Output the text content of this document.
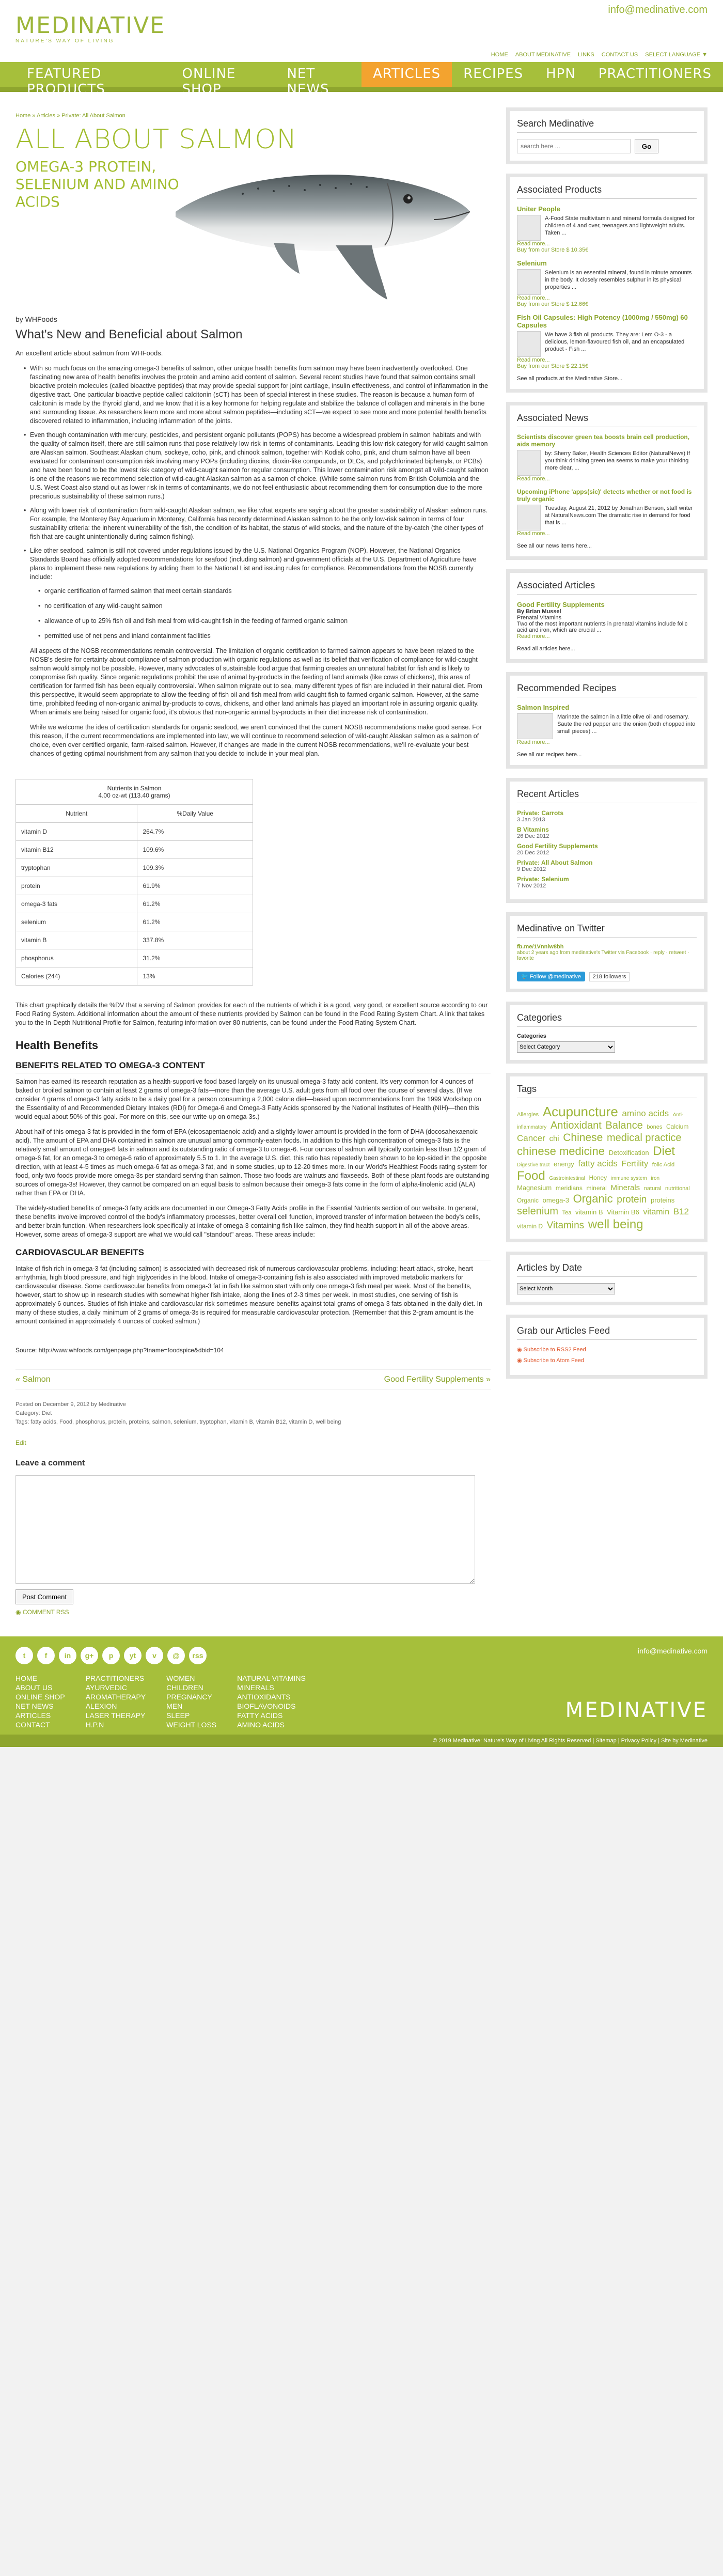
MEDINATIVE
NATURE'S WAY OF LIVING
info@medinative.com
HOME ABOUT MEDINATIVE LINKS CONTACT US SELECT LANGUAGE ▼
FEATURED PRODUCTS
ONLINE SHOP
NET NEWS
ARTICLES	RECIPES	HPN	PRACTITIONERS
Home » Articles » Private: All About Salmon
ALL ABOUT SALMON
OMEGA-3 PROTEIN, SELENIUM AND AMINO ACIDS
by WHFoods
What's New and Beneficial about Salmon

An excellent article about salmon from WHFoods.

• With so much focus on the amazing omega-3 benefits of salmon, other unique health benefits from salmon may have been inadvertently overlooked. One fascinating new area of health benefits involves the protein and amino acid content of salmon. Several recent studies have found that salmon contains small bioactive protein molecules (called bioactive peptides) that may provide special support for joint cartilage, insulin effectiveness, and control of inflammation in the digestive tract. One particular bioactive peptide called calcitonin (sCT) has been of special interest in these studies. The reason is because a human form of calcitonin is made by the thyroid gland, and we know that it is a key hormone for helping regulate and stabilize the balance of collagen and minerals in the bone and surrounding tissue. As researchers learn more and more about salmon peptides—including sCT—we expect to see more and more potential health benefits discovered related to inflammation, including inflammation of the joints.
• Even though contamination with mercury, pesticides, and persistent organic pollutants (POPS) has become a widespread problem in salmon habitats and with the quality of salmon itself, there are still salmon runs that pose relatively low risk in terms of contaminants. Leading this low-risk category for wild-caught salmon are Alaskan salmon. Southeast Alaskan chum, sockeye, coho, pink, and chinook salmon, together with Kodiak coho, pink, and chum salmon have all been evaluated for contaminant consumption risk involving many POPs (including dioxins, dioxin-like compounds, or DLCs, and polychlorinated biphenyls, or PCBs) and have been found to be the lowest risk category of wild-caught salmon for regular consumption. This lower contamination risk amongst all wild-caught salmon is one of the reasons we recommend selection of wild-caught Alaskan salmon as a salmon of choice. (While some salmon runs from British Columbia and the U.S. West Coast also stand out as lower risk in terms of contaminants, we do not feel enthusiastic about recommending them for consumption due to the more precarious sustainability of these salmon runs.)
• Along with lower risk of contamination from wild-caught Alaskan salmon, we like what experts are saying about the greater sustainability of Alaskan salmon runs. For example, the Monterey Bay Aquarium in Monterey, California has recently determined Alaskan salmon to be the only low-risk salmon in terms of four sustainability criteria: the inherent vulnerability of the fish, the condition of its habitat, the status of wild stocks, and the nature of the by-catch (the other types of fish that are caught unintentionally during salmon fishing).
• Like other seafood, salmon is still not covered under regulations issued by the U.S. National Organics Program (NOP). However, the National Organics Standards Board has officially adopted recommendations for seafood (including salmon) and government officials at the U.S. Department of Agriculture have plans to implement these new regulations by adding them to the National List and issuing rules for compliance. Recommendations from the NOSB currently include:
• organic certification of farmed salmon that meet certain standards
• no certification of any wild-caught salmon
• allowance of up to 25% fish oil and fish meal from wild-caught fish in the feeding of farmed organic salmon
• permitted use of net pens and inland containment facilities

All aspects of the NOSB recommendations remain controversial. The limitation of organic certification to farmed salmon appears to have been related to the NOSB's desire for certainty about compliance of salmon production with organic regulations as well as its belief that verification of compliance for wild-caught salmon would simply not be possible. However, many advocates of sustainable food argue that farming creates an unnatural habitat for fish and is likely to compromise fish quality. Since organic regulations prohibit the use of animal by-products in the feeding of land animals (like cows of chickens), this area of certification for farmed fish has been equally controversial. When salmon migrate out to sea, many different types of fish are included in their natural diet. From this perspective, it would seem appropriate to allow the feeding of fish oil and fish meal from wild-caught fish to farmed organic salmon. However, at the same time, prohibited feeding of non-organic animal by-products to cows, chickens, and other land animals has played an important role in assuring organic quality. When animals are being raised for organic food, it's obvious that non-organic animal by-products in their diet increase risk of contamination.

While we welcome the idea of certification standards for organic seafood, we aren't convinced that the current NOSB recommendations make good sense. For this reason, if the current recommendations are implemented into law, we will continue to recommend selection of wild-caught Alaskan salmon as a salmon of choice, even over certified organic, farm-raised salmon. However, if changes are made in the current NOSB recommendations, we'll re-evaluate your best chances of getting optimal nourishment from any salmon that you decide to include in your meal plan.

Nutrients in Salmon
4.00 oz-wt (113.40 grams)	

Nutrient	%Daily Value
vitamin D	264.7%
vitamin B12	109.6%
tryptophan	109.3%
protein	61.9%
omega-3 fats	61.2%
selenium	61.2%
vitamin B	337.8%
phosphorus	31.2%
Calories (244)	13%

This chart graphically details the %DV that a serving of Salmon provides for each of the nutrients of which it is a good, very good, or excellent source according to our Food Rating System. Additional information about the amount of these nutrients provided by Salmon can be found in the Food Rating System Chart. A link that takes you to the In-Depth Nutritional Profile for Salmon, featuring information over 80 nutrients, can be found under the Food Rating System Chart.

Health Benefits
BENEFITS RELATED TO OMEGA-3 CONTENT

Salmon has earned its research reputation as a health-supportive food based largely on its unusual omega-3 fatty acid content. It's very common for 4 ounces of baked or broiled salmon to contain at least 2 grams of omega-3 fats—more than the average U.S. adult gets from all food over the course of several days. (If we consider 4 grams of omega-3 fatty acids to be a daily goal for a person consuming a 2,000 calorie diet—based upon recommendations from the 1999 Workshop on the Essentiality of and Recommended Dietary Intakes (RDI) for Omega-6 and Omega-3 Fatty Acids sponsored by the National Institutes of Health (NIH)—then this would equal about 50% of this goal. For more on this, see our write-up on omega-3s.)

About half of this omega-3 fat is provided in the form of EPA (eicosapentaenoic acid) and a slightly lower amount is provided in the form of DHA (docosahexaenoic acid). The amount of EPA and DHA contained in salmon are unusual among commonly-eaten foods. In addition to this high concentration of omega-3 fats is the relatively small amount of omega-6 fats in salmon and its outstanding ratio of omega-3 to omega-6. Four ounces of salmon will typically contain less than 1/2 gram of omega-6 fat, for an omega-3 to omega-6 ratio of approximately 5.5 to 1. In the average U.S. diet, this ratio has repeatedly been shown to be lop-sided in the opposite direction, with at least 4-5 times as much omega-6 fat as omega-3 fat, and in some studies, up to 12-20 times more. In our World's Healthiest Foods rating system for food, only two foods provide more omega-3s per standard serving than salmon. Those two foods are walnuts and flaxseeds. Both of these plant foods are outstanding sources of omega-3s! However, they cannot be compared on an equal basis to salmon because their omega-3 fats come in the form of alpha-linolenic acid (ALA) rather than EPA or DHA.

The widely-studied benefits of omega-3 fatty acids are documented in our Omega-3 Fatty Acids profile in the Essential Nutrients section of our website. In general, these benefits involve improved control of the body's inflammatory processes, better overall cell function, improved transfer of information between the body's cells, and better brain function. When researchers look specifically at intake of omega-3-containing fish like salmon, they find health support in all of the above areas. However, some areas of omega-3 support are what we would call "standout" areas. These areas include:

CARDIOVASCULAR BENEFITS

Intake of fish rich in omega-3 fat (including salmon) is associated with decreased risk of numerous cardiovascular problems, including: heart attack, stroke, heart arrhythmia, high blood pressure, and high triglycerides in the blood. Intake of omega-3-containing fish is also associated with improved metabolic markers for cardiovascular disease. Some cardiovascular benefits from omega-3 fat in fish like salmon start with only one omega-3 fish meal per week. Most of the benefits, however, start to show up in research studies with somewhat higher fish intake, along the lines of 2-3 times per week. In most studies, one serving of fish is approximately 6 ounces. Studies of fish intake and cardiovascular risk sometimes measure benefits against total grams of omega-3 fats obtained in the daily diet. In many of these studies, a daily minimum of 2 grams of omega-3s is required for measurable cardiovascular protection. (Remember that this 2-gram amount is the amount contained in approximately 4 ounces of cooked salmon.)

Source: http://www.whfoods.com/genpage.php?tname=foodspice&dbid=104
« Salmon	Good Fertility Supplements »
Posted on December 9, 2012 by Medinative
Category: Diet
Tags: fatty acids, Food, phosphorus, protein, proteins, salmon, selenium, tryptophan, vitamin B, vitamin B12, vitamin D, well being
Edit
Leave a comment
Post Comment
◉ COMMENT RSS
Search Medinative
search here ...
Go
Associated Products
Uniter People
A-Food State multivitamin and mineral formula designed for children of 4 and over, teenagers and lightweight adults. Taken ...
Read more...
Buy from our Store $ 10.35€
Selenium
Selenium is an essential mineral, found in minute amounts in the body. It closely resembles sulphur in its physical properties ...
Read more...
Buy from our Store $ 12.66€
Fish Oil Capsules: High Potency (1000mg / 550mg) 60 Capsules
We have 3 fish oil products. They are: Lem O-3 - a delicious, lemon-flavoured fish oil, and an encapsulated product - Fish ...
Read more...
Buy from our Store $ 22.15€
See all products at the Medinative Store...
Associated News
Scientists discover green tea boosts brain cell production, aids memory
by: Sherry Baker, Health Sciences Editor (NaturalNews) If you think drinking green tea seems to make your thinking more clear, ...
Read more...
Upcoming iPhone 'apps(sic)' detects whether or not food is truly organic
Tuesday, August 21, 2012 by Jonathan Benson, staff writer at NaturalNews.com The dramatic rise in demand for food that is ...
Read more...
See all our news items here...
Associated Articles
Good Fertility Supplements
By Brian Mussel
Prenatal Vitamins
Two of the most important nutrients in prenatal vitamins include folic acid and iron, which are crucial ...
Read more...
Read all articles here...
Recommended Recipes
Salmon Inspired
Marinate the salmon in a little olive oil and rosemary. Saute the red pepper and the onion (both chopped into small pieces) ...
Read more...
See all our recipes here...
Recent Articles
Private: Carrots
3 Jan 2013
B Vitamins
26 Dec 2012
Good Fertility Supplements
20 Dec 2012
Private: All About Salmon
9 Dec 2012
Private: Selenium
7 Nov 2012
Medinative on Twitter
fb.me/1Vnniw8bh
about 2 years ago from medinative's Twitter via Facebook · reply · retweet · favorite
🐦 Follow @medinative 218 followers
Categories
Categories
Select Category
Tags
Allergies Acupuncture amino acids Anti-inflammatory Antioxidant Balance bones Calcium Cancer chi Chinese medical practice chinese medicine Detoxification Diet Digestive tract energy fatty acids Fertility folic Acid Food Gastrointestinal Honey immune system iron Magnesium meridians mineral Minerals natural nutritional Organic omega-3 Organic protein proteins selenium Tea vitamin B Vitamin B6 vitamin B12 vitamin D Vitamins well being
Articles by Date
Select Month
Grab our Articles Feed
◉ Subscribe to RSS2 Feed
◉ Subscribe to Atom Feed
t	f	in	g+	p	yt	v	@	rss
HOME
ABOUT US
ONLINE SHOP
NET NEWS
ARTICLES
CONTACT
PRACTITIONERS
AYURVEDIC
AROMATHERAPY
ALEXION
LASER THERAPY
H.P.N
WOMEN
CHILDREN
PREGNANCY
MEN
SLEEP
WEIGHT LOSS
NATURAL VITAMINS
MINERALS
ANTIOXIDANTS
BIOFLAVONOIDS
FATTY ACIDS
AMINO ACIDS
info@medinative.com
MEDINATIVE
© 2019 Medinative: Nature's Way of Living All Rights Reserved | Sitemap | Privacy Policy | Site by Medinative
